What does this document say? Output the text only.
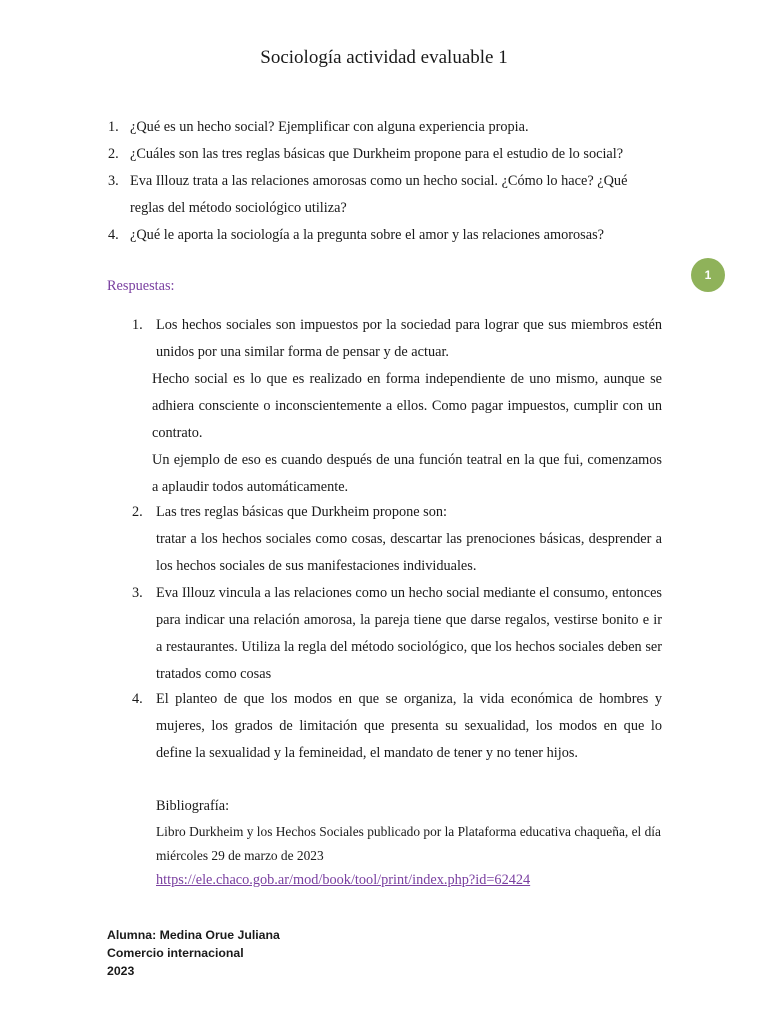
Sociología actividad evaluable 1
1. ¿Qué es un hecho social? Ejemplificar con alguna experiencia propia.
2. ¿Cuáles son las tres reglas básicas que Durkheim propone para el estudio de lo social?
3. Eva Illouz trata a las relaciones amorosas como un hecho social. ¿Cómo lo hace? ¿Qué
reglas del método sociológico utiliza?
4. ¿Qué le aporta la sociología a la pregunta sobre el amor y las relaciones amorosas?
Respuestas:
1
1. Los hechos sociales son impuestos por la sociedad para lograr que sus miembros estén unidos por una similar forma de pensar y de actuar.

Hecho social es lo que es realizado en forma independiente de uno mismo, aunque se adhiera consciente o inconscientemente a ellos. Como pagar impuestos, cumplir con un contrato.

Un ejemplo de eso es cuando después de una función teatral en la que fui, comenzamos a aplaudir todos automáticamente.

2. Las tres reglas básicas que Durkheim propone son:

tratar a los hechos sociales como cosas, descartar las prenociones básicas, desprender a los hechos sociales de sus manifestaciones individuales.

3. Eva Illouz vincula a las relaciones como un hecho social mediante el consumo, entonces para indicar una relación amorosa, la pareja tiene que darse regalos, vestirse bonito e ir a restaurantes. Utiliza la regla del método sociológico, que los hechos sociales deben ser tratados como cosas

4. El planteo de que los modos en que se organiza, la vida económica de hombres y mujeres, los grados de limitación que presenta su sexualidad, los modos en que lo define la sexualidad y la femineidad, el mandato de tener y no tener hijos.

Bibliografía:
Libro Durkheim y los Hechos Sociales publicado por la Plataforma educativa chaqueña, el día miércoles 29 de marzo de 2023
https://ele.chaco.gob.ar/mod/book/tool/print/index.php?id=62424
Alumna: Medina Orue Juliana
Comercio internacional
2023
